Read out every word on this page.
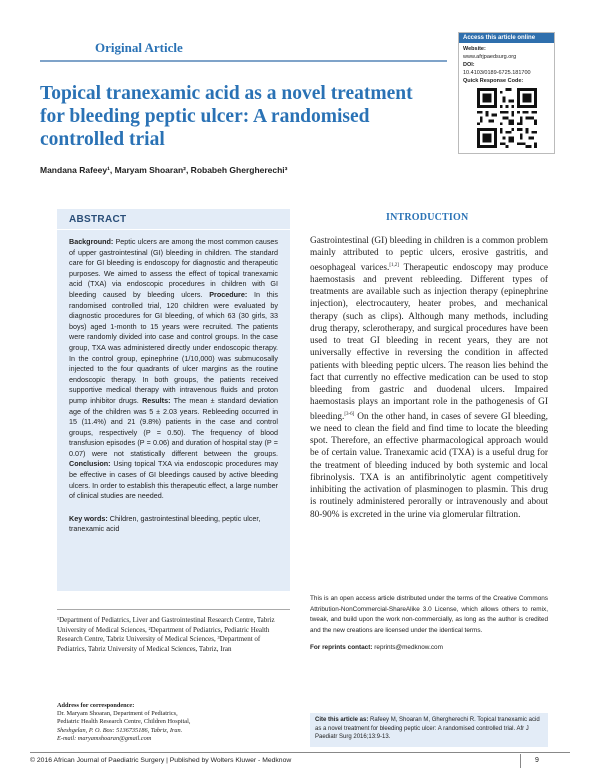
Original Article
Access this article online
Website:
www.afrjpaedsurg.org
DOI:
10.4103/0189-6725.181700
Quick Response Code:
Topical tranexamic acid as a novel treatment for bleeding peptic ulcer: A randomised controlled trial
Mandana Rafeey¹, Maryam Shoaran², Robabeh Ghergherechi³
ABSTRACT
Background: Peptic ulcers are among the most common causes of upper gastrointestinal (GI) bleeding in children. The standard care for GI bleeding is endoscopy for diagnostic and therapeutic purposes. We aimed to assess the effect of topical tranexamic acid (TXA) via endoscopic procedures in children with GI bleeding caused by bleeding ulcers. Procedure: In this randomised controlled trial, 120 children were evaluated by diagnostic procedures for GI bleeding, of which 63 (30 girls, 33 boys) aged 1-month to 15 years were recruited. The patients were randomly divided into case and control groups. In the case group, TXA was administered directly under endoscopic therapy. In the control group, epinephrine (1/10,000) was submucosally injected to the four quadrants of ulcer margins as the routine endoscopic therapy. In both groups, the patients received supportive medical therapy with intravenous fluids and proton pump inhibitor drugs. Results: The mean ± standard deviation age of the children was 5 ± 2.03 years. Rebleeding occurred in 15 (11.4%) and 21 (9.8%) patients in the case and control groups, respectively (P = 0.50). The frequency of blood transfusion episodes (P = 0.06) and duration of hospital stay (P = 0.07) were not statistically different between the groups. Conclusion: Using topical TXA via endoscopic procedures may be effective in cases of GI bleedings caused by active bleeding ulcers. In order to establish this therapeutic effect, a large number of clinical studies are needed.
Key words: Children, gastrointestinal bleeding, peptic ulcer, tranexamic acid
INTRODUCTION
Gastrointestinal (GI) bleeding in children is a common problem mainly attributed to peptic ulcers, erosive gastritis, and oesophageal varices.[1,2] Therapeutic endoscopy may produce haemostasis and prevent rebleeding. Different types of treatments are available such as injection therapy (epinephrine injection), electrocautery, heater probes, and mechanical therapy (such as clips). Although many methods, including drug therapy, sclerotherapy, and surgical procedures have been used to treat GI bleeding in recent years, they are not universally effective in reversing the condition in affected patients with bleeding peptic ulcers. The reason lies behind the fact that currently no effective medication can be used to stop bleeding from gastric and duodenal ulcers. Impaired haemostasis plays an important role in the pathogenesis of GI bleeding.[3-6] On the other hand, in cases of severe GI bleeding, we need to clean the field and find time to locate the bleeding spot. Therefore, an effective pharmacological approach would be of certain value. Tranexamic acid (TXA) is a useful drug for the treatment of bleeding induced by both systemic and local fibrinolysis. TXA is an antifibrinolytic agent competitively inhibiting the activation of plasminogen to plasmin. This drug is routinely administered perorally or intravenously and about 80-90% is excreted in the urine via glomerular filtration.
This is an open access article distributed under the terms of the Creative Commons Attribution-NonCommercial-ShareAlike 3.0 License, which allows others to remix, tweak, and build upon the work non-commercially, as long as the author is credited and the new creations are licensed under the identical terms.
For reprints contact: reprints@medknow.com
¹Department of Pediatrics, Liver and Gastrointestinal Research Centre, Tabriz University of Medical Sciences, ²Department of Pediatrics, Pediatric Health Research Centre, Tabriz University of Medical Sciences, ³Department of Pediatrics, Tabriz University of Medical Sciences, Tabriz, Iran
Address for correspondence:
Dr. Maryam Shoaran, Department of Pediatrics,
Pediatric Health Research Centre, Children Hospital,
Sheshgelan, P. O. Box: 5136735186, Tabriz, Iran.
E-mail: maryamshoaran@gmail.com
Cite this article as: Rafeey M, Shoaran M, Ghergherechi R. Topical tranexamic acid as a novel treatment for bleeding peptic ulcer: A randomised controlled trial. Afr J Paediatr Surg 2016;13:9-13.
© 2016 African Journal of Paediatric Surgery | Published by Wolters Kluwer - Medknow	9
